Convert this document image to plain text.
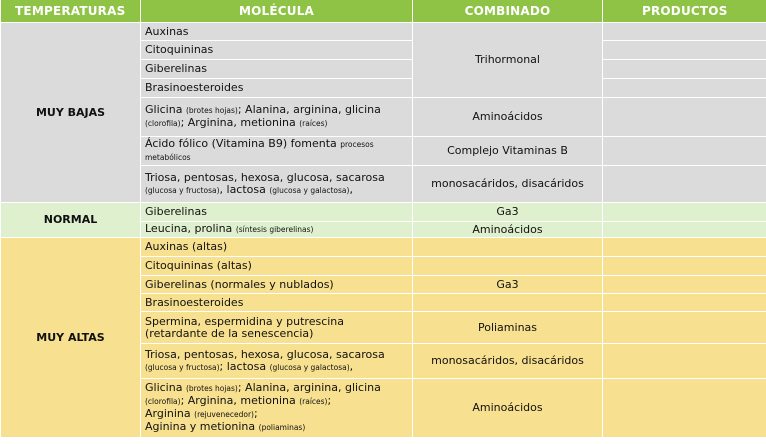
TEMPERATURAS	MOLÉCULA	COMBINADO	PRODUCTOS
MUY BAJAS	Auxinas	Trihormonal	
	Citoquininas		
	Giberelinas		
	Brasinoesteroides		
	Glicina (brotes hojas); Alanina, arginina, glicina
(clorofila); Arginina, metionina (raíces)	Aminoácidos	
	Ácido fólico (Vitamina B9) fomenta procesos
metabólicos	Complejo Vitaminas B	
	Triosa, pentosas, hexosa, glucosa, sacarosa
(glucosa y fructosa), lactosa (glucosa y galactosa),	monosacáridos, disacáridos	
NORMAL	Giberelinas	Ga3	
	Leucina, prolina (síntesis giberelinas)	Aminoácidos	
MUY ALTAS	Auxinas (altas)		
	Citoquininas (altas)		
	Giberelinas (normales y nublados)	Ga3	
	Brasinoesteroides		
	Spermina, espermidina y putrescina
(retardante de la senescencia)	Poliaminas	
	Triosa, pentosas, hexosa, glucosa, sacarosa
(glucosa y fructosa); lactosa (glucosa y galactosa),	monosacáridos, disacáridos	
	Glicina (brotes hojas); Alanina, arginina, glicina
(clorofila); Arginina, metionina (raíces);
Arginina (rejuvenecedor);
Aginina y metionina (poliaminas)	Aminoácidos	
